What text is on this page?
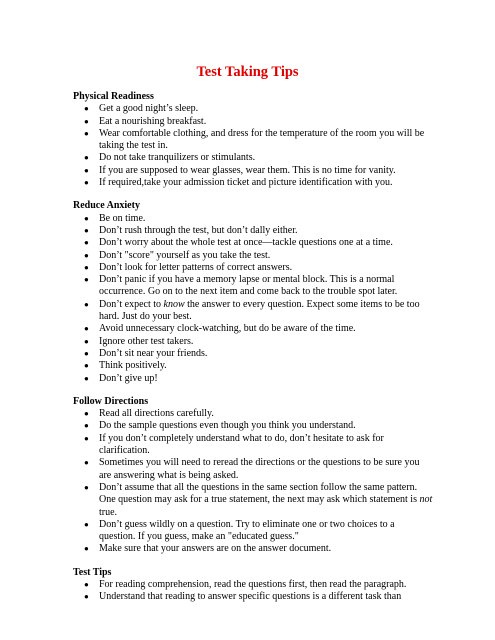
Test Taking Tips
Physical Readiness
●	Get a good night’s sleep.
●	Eat a nourishing breakfast.
●	Wear comfortable clothing, and dress for the temperature of the room you will be taking the test in.
●	Do not take tranquilizers or stimulants.
●	If you are supposed to wear glasses, wear them. This is no time for vanity.
●	If required,take your admission ticket and picture identification with you.
Reduce Anxiety
●	Be on time.
●	Don’t rush through the test, but don’t dally either.
●	Don’t worry about the whole test at once—tackle questions one at a time.
●	Don’t "score" yourself as you take the test.
●	Don’t look for letter patterns of correct answers.
●	Don’t panic if you have a memory lapse or mental block. This is a normal occurrence. Go on to the next item and come back to the trouble spot later.
●	Don’t expect to know the answer to every question. Expect some items to be too hard. Just do your best.
●	Avoid unnecessary clock-watching, but do be aware of the time.
●	Ignore other test takers.
●	Don’t sit near your friends.
●	Think positively.
●	Don’t give up!
Follow Directions
●	Read all directions carefully.
●	Do the sample questions even though you think you understand.
●	If you don’t completely understand what to do, don’t hesitate to ask for clarification.
●	Sometimes you will need to reread the directions or the questions to be sure you are answering what is being asked.
●	Don’t assume that all the questions in the same section follow the same pattern. One question may ask for a true statement, the next may ask which statement is not true.
●	Don’t guess wildly on a question. Try to eliminate one or two choices to a question. If you guess, make an "educated guess."
●	Make sure that your answers are on the answer document.
Test Tips
●	For reading comprehension, read the questions first, then read the paragraph.
●	Understand that reading to answer specific questions is a different task than
